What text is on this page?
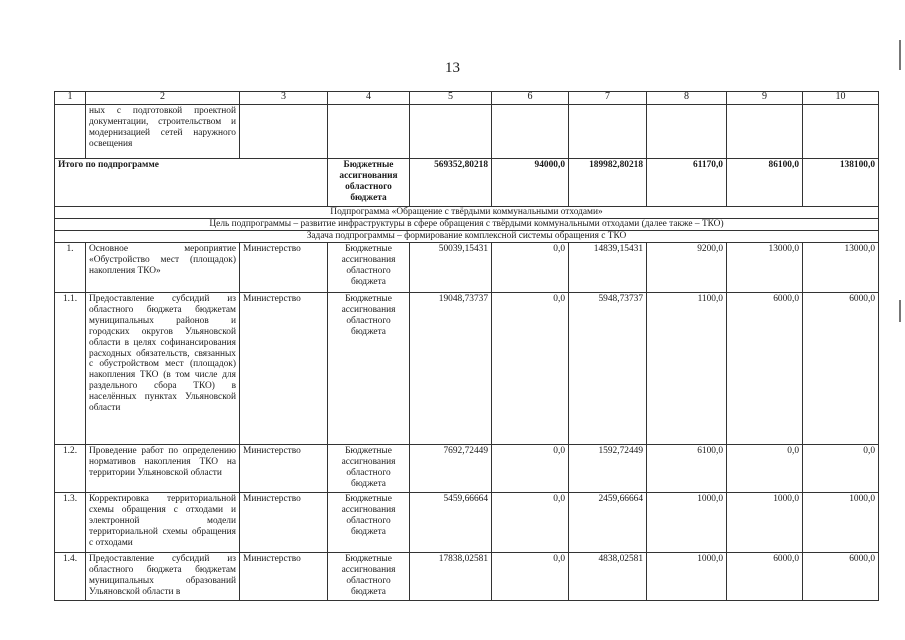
13
1	2	3	4	5	6	7	8	9	10
	ных с подготовкой проектной документации, строительством и модернизацией сетей наружного освещения								
Итого по подпрограмме			Бюджетные ассигнования областного бюджета	569352,80218	94000,0	189982,80218	61170,0	86100,0	138100,0
Подпрограмма «Обращение с твёрдыми коммунальными отходами»									
Цель подпрограммы – развитие инфраструктуры в сфере обращения с твёрдыми коммунальными отходами (далее также – ТКО)									
Задача подпрограммы – формирование комплексной системы обращения с ТКО									
1.	Основное мероприятие «Обустройство мест (площадок) накопления ТКО»	Министерство	Бюджетные ассигнования областного бюджета	50039,15431	0,0	14839,15431	9200,0	13000,0	13000,0
1.1.	Предоставление субсидий из областного бюджета бюджетам муниципальных районов и городских округов Ульяновской области в целях софинансирования расходных обязательств, связанных с обустройством мест (площадок) накопления ТКО (в том числе для раздельного сбора ТКО) в населённых пунктах Ульяновской области	Министерство	Бюджетные ассигнования областного бюджета	19048,73737	0,0	5948,73737	1100,0	6000,0	6000,0
1.2.	Проведение работ по определению нормативов накопления ТКО на территории Ульяновской области	Министерство	Бюджетные ассигнования областного бюджета	7692,72449	0,0	1592,72449	6100,0	0,0	0,0
1.3.	Корректировка территориальной схемы обращения с отходами и электронной модели территориальной схемы обращения с отходами	Министерство	Бюджетные ассигнования областного бюджета	5459,66664	0,0	2459,66664	1000,0	1000,0	1000,0
1.4.	Предоставление субсидий из областного бюджета бюджетам муниципальных образований Ульяновской области в	Министерство	Бюджетные ассигнования областного бюджета	17838,02581	0,0	4838,02581	1000,0	6000,0	6000,0
